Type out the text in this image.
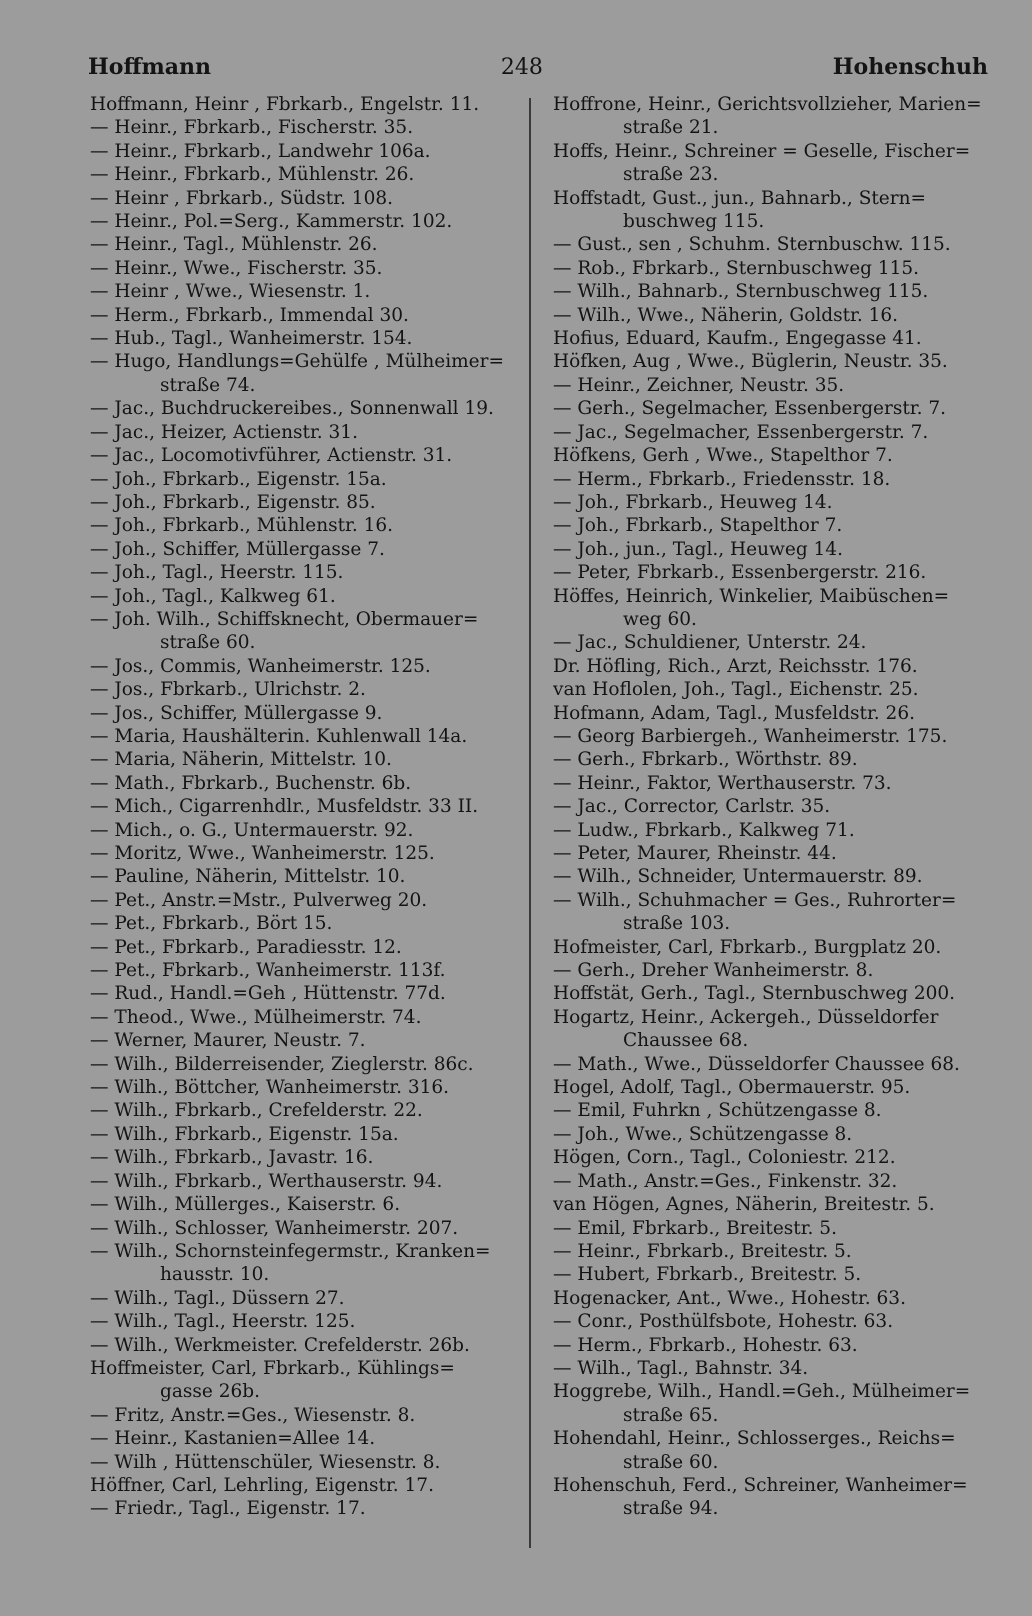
Hoffmann	248	Hohenschuh
Hoffmann, Heinr , Fbrkarb., Engelstr. 11.
— Heinr., Fbrkarb., Fischerstr. 35.
— Heinr., Fbrkarb., Landwehr 106a.
— Heinr., Fbrkarb., Mühlenstr. 26.
— Heinr , Fbrkarb., Südstr. 108.
— Heinr., Pol.=Serg., Kammerstr. 102.
— Heinr., Tagl., Mühlenstr. 26.
— Heinr., Wwe., Fischerstr. 35.
— Heinr , Wwe., Wiesenstr. 1.
— Herm., Fbrkarb., Immendal 30.
— Hub., Tagl., Wanheimerstr. 154.
— Hugo, Handlungs=Gehülfe , Mülheimer=
straße 74.
— Jac., Buchdruckereibes., Sonnenwall 19.
— Jac., Heizer, Actienstr. 31.
— Jac., Locomotivführer, Actienstr. 31.
— Joh., Fbrkarb., Eigenstr. 15a.
— Joh., Fbrkarb., Eigenstr. 85.
— Joh., Fbrkarb., Mühlenstr. 16.
— Joh., Schiffer, Müllergasse 7.
— Joh., Tagl., Heerstr. 115.
— Joh., Tagl., Kalkweg 61.
— Joh. Wilh., Schiffsknecht, Obermauer=
straße 60.
— Jos., Commis, Wanheimerstr. 125.
— Jos., Fbrkarb., Ulrichstr. 2.
— Jos., Schiffer, Müllergasse 9.
— Maria, Haushälterin. Kuhlenwall 14a.
— Maria, Näherin, Mittelstr. 10.
— Math., Fbrkarb., Buchenstr. 6b.
— Mich., Cigarrenhdlr., Musfeldstr. 33 II.
— Mich., o. G., Untermauerstr. 92.
— Moritz, Wwe., Wanheimerstr. 125.
— Pauline, Näherin, Mittelstr. 10.
— Pet., Anstr.=Mstr., Pulverweg 20.
— Pet., Fbrkarb., Bört 15.
— Pet., Fbrkarb., Paradiesstr. 12.
— Pet., Fbrkarb., Wanheimerstr. 113f.
— Rud., Handl.=Geh , Hüttenstr. 77d.
— Theod., Wwe., Mülheimerstr. 74.
— Werner, Maurer, Neustr. 7.
— Wilh., Bilderreisender, Zieglerstr. 86c.
— Wilh., Böttcher, Wanheimerstr. 316.
— Wilh., Fbrkarb., Crefelderstr. 22.
— Wilh., Fbrkarb., Eigenstr. 15a.
— Wilh., Fbrkarb., Javastr. 16.
— Wilh., Fbrkarb., Werthauserstr. 94.
— Wilh., Müllerges., Kaiserstr. 6.
— Wilh., Schlosser, Wanheimerstr. 207.
— Wilh., Schornsteinfegermstr., Kranken=
hausstr. 10.
— Wilh., Tagl., Düssern 27.
— Wilh., Tagl., Heerstr. 125.
— Wilh., Werkmeister. Crefelderstr. 26b.
Hoffmeister, Carl, Fbrkarb., Kühlings=
gasse 26b.
— Fritz, Anstr.=Ges., Wiesenstr. 8.
— Heinr., Kastanien=Allee 14.
— Wilh , Hüttenschüler, Wiesenstr. 8.
Höffner, Carl, Lehrling, Eigenstr. 17.
— Friedr., Tagl., Eigenstr. 17.
Hoffrone, Heinr., Gerichtsvollzieher, Marien=
straße 21.
Hoffs, Heinr., Schreiner = Geselle, Fischer=
straße 23.
Hoffstadt, Gust., jun., Bahnarb., Stern=
buschweg 115.
— Gust., sen , Schuhm. Sternbuschw. 115.
— Rob., Fbrkarb., Sternbuschweg 115.
— Wilh., Bahnarb., Sternbuschweg 115.
— Wilh., Wwe., Näherin, Goldstr. 16.
Hofius, Eduard, Kaufm., Engegasse 41.
Höfken, Aug , Wwe., Büglerin, Neustr. 35.
— Heinr., Zeichner, Neustr. 35.
— Gerh., Segelmacher, Essenbergerstr. 7.
— Jac., Segelmacher, Essenbergerstr. 7.
Höfkens, Gerh , Wwe., Stapelthor 7.
— Herm., Fbrkarb., Friedensstr. 18.
— Joh., Fbrkarb., Heuweg 14.
— Joh., Fbrkarb., Stapelthor 7.
— Joh., jun., Tagl., Heuweg 14.
— Peter, Fbrkarb., Essenbergerstr. 216.
Höffes, Heinrich, Winkelier, Maibüschen=
weg 60.
— Jac., Schuldiener, Unterstr. 24.
Dr. Höfling, Rich., Arzt, Reichsstr. 176.
van Hoflolen, Joh., Tagl., Eichenstr. 25.
Hofmann, Adam, Tagl., Musfeldstr. 26.
— Georg Barbiergeh., Wanheimerstr. 175.
— Gerh., Fbrkarb., Wörthstr. 89.
— Heinr., Faktor, Werthauserstr. 73.
— Jac., Corrector, Carlstr. 35.
— Ludw., Fbrkarb., Kalkweg 71.
— Peter, Maurer, Rheinstr. 44.
— Wilh., Schneider, Untermauerstr. 89.
— Wilh., Schuhmacher = Ges., Ruhrorter=
straße 103.
Hofmeister, Carl, Fbrkarb., Burgplatz 20.
— Gerh., Dreher Wanheimerstr. 8.
Hoffstät, Gerh., Tagl., Sternbuschweg 200.
Hogartz, Heinr., Ackergeh., Düsseldorfer
Chaussee 68.
— Math., Wwe., Düsseldorfer Chaussee 68.
Hogel, Adolf, Tagl., Obermauerstr. 95.
— Emil, Fuhrkn , Schützengasse 8.
— Joh., Wwe., Schützengasse 8.
Högen, Corn., Tagl., Coloniestr. 212.
— Math., Anstr.=Ges., Finkenstr. 32.
van Högen, Agnes, Näherin, Breitestr. 5.
— Emil, Fbrkarb., Breitestr. 5.
— Heinr., Fbrkarb., Breitestr. 5.
— Hubert, Fbrkarb., Breitestr. 5.
Hogenacker, Ant., Wwe., Hohestr. 63.
— Conr., Posthülfsbote, Hohestr. 63.
— Herm., Fbrkarb., Hohestr. 63.
— Wilh., Tagl., Bahnstr. 34.
Hoggrebe, Wilh., Handl.=Geh., Mülheimer=
straße 65.
Hohendahl, Heinr., Schlosserges., Reichs=
straße 60.
Hohenschuh, Ferd., Schreiner, Wanheimer=
straße 94.
